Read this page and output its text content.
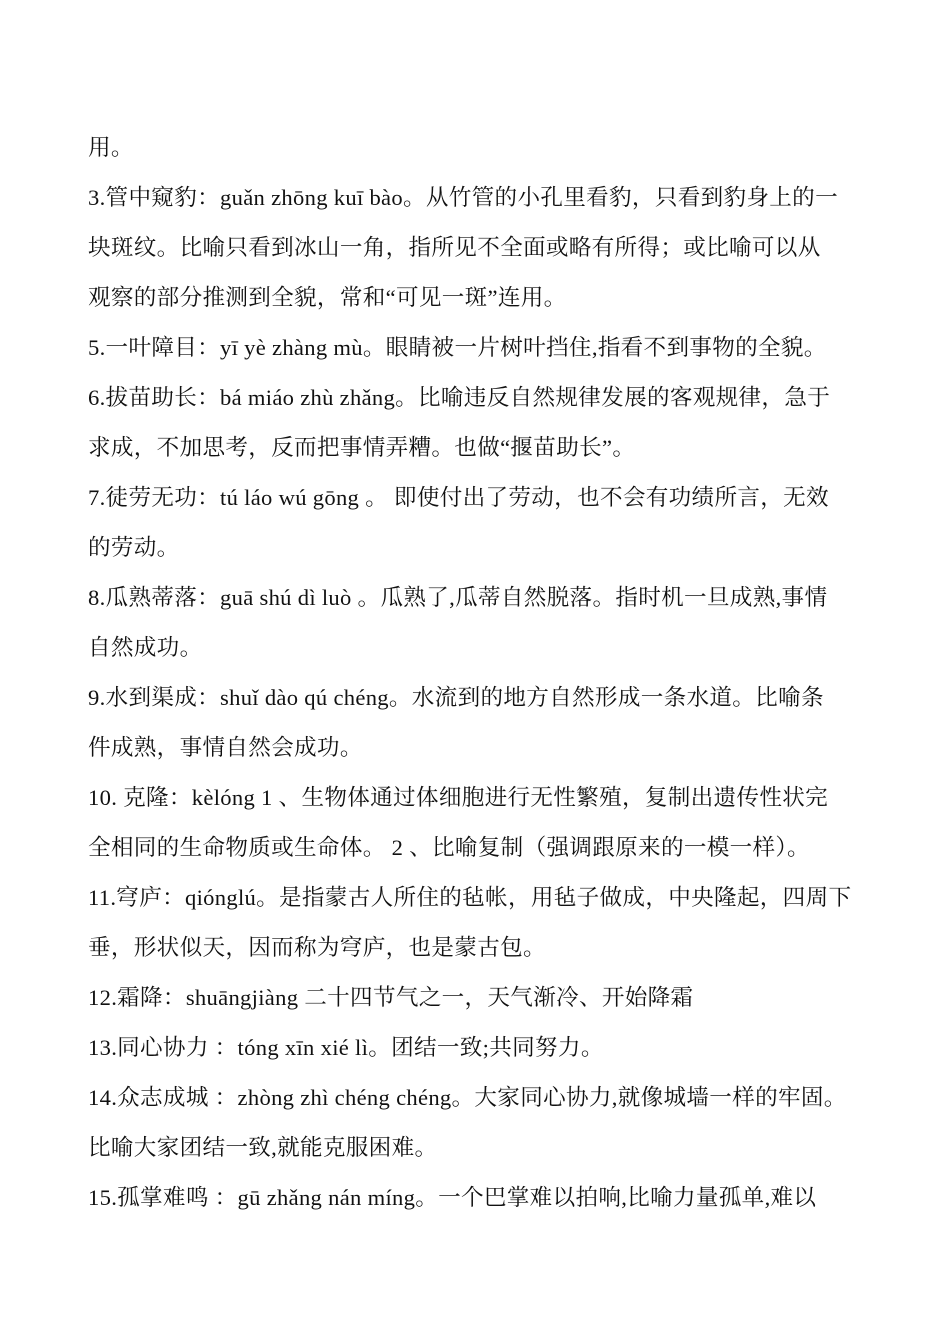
用。
3.管中窥豹：guǎn zhōng kuī bào。从竹管的小孔里看豹，只看到豹身上的一
块斑纹。比喻只看到冰山一角，指所见不全面或略有所得；或比喻可以从
观察的部分推测到全貌，常和“可见一斑”连用。
5.一叶障目：yī yè zhàng mù。眼睛被一片树叶挡住,指看不到事物的全貌。
6.拔苗助长：bá miáo zhù zhǎng。比喻违反自然规律发展的客观规律，急于
求成，不加思考，反而把事情弄糟。也做“揠苗助长”。
7.徒劳无功：tú láo wú gōng 。 即使付出了劳动，也不会有功绩所言，无效
的劳动。
8.瓜熟蒂落：guā shú dì luò 。瓜熟了,瓜蒂自然脱落。指时机一旦成熟,事情
自然成功。
9.水到渠成：shuǐ dào qú chéng。水流到的地方自然形成一条水道。比喻条
件成熟，事情自然会成功。
10. 克隆：kèlóng 1 、生物体通过体细胞进行无性繁殖，复制出遗传性状完
全相同的生命物质或生命体。 2 、比喻复制（强调跟原来的一模一样）。
11.穹庐：qiónglú。是指蒙古人所住的毡帐，用毡子做成，中央隆起，四周下
垂，形状似天，因而称为穹庐，也是蒙古包。
12.霜降：shuāngjiàng 二十四节气之一，天气渐冷、开始降霜
13.同心协力 ：tóng xīn xié lì。团结一致;共同努力。
14.众志成城 ：zhòng zhì chéng chéng。大家同心协力,就像城墙一样的牢固。
比喻大家团结一致,就能克服困难。
15.孤掌难鸣 ：gū zhǎng nán míng。一个巴掌难以拍响,比喻力量孤单,难以
